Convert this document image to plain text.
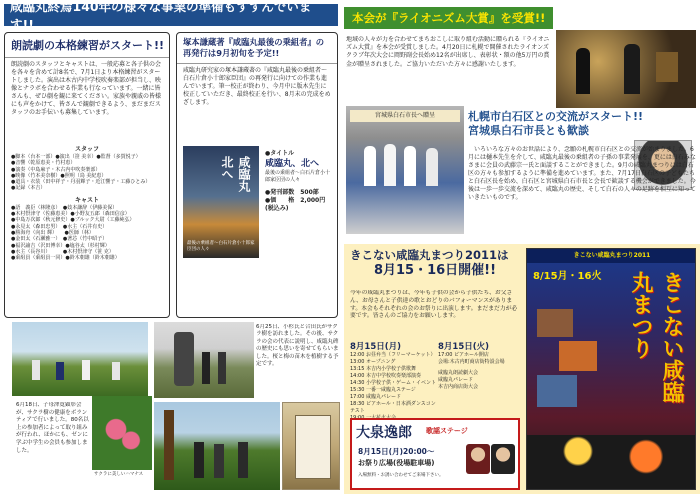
咸臨丸終焉140年の様々な事業の準備もすすんでいます!!
朗読劇の本格練習がスタート!!
朗読劇のスタッフとキャストは、一般応募と各子供の会を各々を含めて計8名で、7月1日より本格練習がスタートしました。演出は木古内中学校吹奏楽部が担当し、映像とナラボを合わせる作業も行なっています。一緒に皆さんも、ぜひ劇を観に来てください。家族や親戚の皆様にも声をかけて、皆さんで観劇できるよう、まだまだスタッフのお手伝いも募集しています。
スタッフ
●脚本（台本一部）●演出（笹 美幸）●監督（多賀悦子）
●音響（乾原恵美・竹村恵）
●演奏（中島麻子・木古内中吹奏楽部）
●映像（竹本美奈樹）●照明（鳥 美紀恵）
●道具・衣装（田中祥子・丹羽輝子・近江響子・工藤ひとみ）
●記録（本吉）
キャスト
●語　義臣（林隆彦）　●妓本謙辞（伊藤美保）
●木村摂津守（佐藤恵美）●小野友五郎（森田信彦）
●中島万次郎（秋元修史）●ブルック大尉（工藤純弘）
●永見太（森田忠男）　●水主（石井有史）
●勝海舟（向出 輝）　　●医師（林）
●金田太（石瀬雅一）　●著芯（竹中昭子）
●福沢諭吉（沢田博幸）●塩谷太（杉村輝）
●水主（長谷川）　　　●木村摂津守（笹 克）
●乗組員（乗組員一同）●鈴木朝雄（鈴木朝雄）
塚本謙蔵著『咸臨丸最後の乗組者』の再発行は9月初旬を予定!!
咸臨丸研究家の塚本謙蔵著の『咸臨丸最後の乗組者～白石片倉小十郎家臣団』の再発行に向けての作業も進んでいます。筆一校正が終わり、今月中に版木先生に校正していただき、最終校正を行い、8月末の完成をめざします。
咸臨丸　北へ
最後の乗組者〜白石片倉小十郎家臣団の人々
●タイトル
咸臨丸、北へ
最後の乗組者〜白石片倉小十郎家臣団の人々
●発刊部数　500部
●価　　格　2,000円(税込み)
本会が『ライオニズム大賞』を受賞!!
地域の人々が力を合わせてまちおこしに取り組む活動に贈られる『ライオニズム大賞』を本会が受賞しました。4月20日に札幌で開催されたライオンズクラブ年次大会に岡野副会長始め12名が出席し、表彰状・額の他5万円の賞金が贈呈されました。ご協力いただいた方々に感謝いたします。
宮城県白石市長へ贈呈	札幌市白石区との交流がスタート!!
宮城県白石市長とも歓談
いろいろな方々のお世話により、念願の札幌市白石区との交流が始まりました。6月には樋本先生を介して、咸臨丸最後の乗組者の子孫の事業発展を、更には白石みなさまに会員の武藤宗一氏と面談することができました。9月の咸臨丸まつりには白石区の方々も参加するように準備を進めています。また、7月17日白石区の子どもたちと白石区長を始め、白石区と宮城県白石市長と会長で歓談する機会ができました。今後は一歩一歩交流を深めて、咸臨丸の歴史、そして白石の人々の足跡を相互に知っていきたいものです。
きこない咸臨丸まつり2011は
8月15・16日開催!!
今年の咸臨丸まつりは、今年も子供の会から子供たち、お父さん、お母さんと子供達の歌とおどりのパフォーマンスがあります。本会もそれぞれの会のお祭りに出演します。まだまだ力が必要です。皆さんのご協力をお願いします。
8月15日(月)
12:00 お昼弁当（フリーマーケット）
13:00 オープニング
13:15 本吉内小学校子供歌舞
14:00 本吉中学校吹奏楽部演奏
14:30 小学校子供・ゲーム・イベント
15:30 一番一咸臨丸ステージ
17:00 咸臨丸パレード
18:30 ビアホール・日本酒ダンスコンテスト
8月15日(火)
17:00 ビアホール開店
会場:木古内町商店街特設会場
咸臨丸朗読劇大会
咸臨丸パレード
本吉内商店街大会
大泉逸郎 歌謡ステージ
8月15日(月)20:00～
お祭り広場(役場駐車場)
入場無料・お誘い合わせてご来場下さい。
きこない咸臨丸まつり2011
8/15月・16火	きこない咸臨丸まつり
サクラに美しいハマナス
6月18日、子母澤寛顕彰会が、サクラ樹の健康をボランティアで行いました。80名以上の参加者によって取り組みが行われ、ほかにも、ゼンに学ぶ中学生の会員も参加しました。
6月25日、小杉氏と合田氏がサクラ樹を訪れました。その後、サクラの会の代表に説明し、咸臨丸碑の歴史にも思いを寄せてもらいました。桜と梅の苗木を植樹する予定です。
